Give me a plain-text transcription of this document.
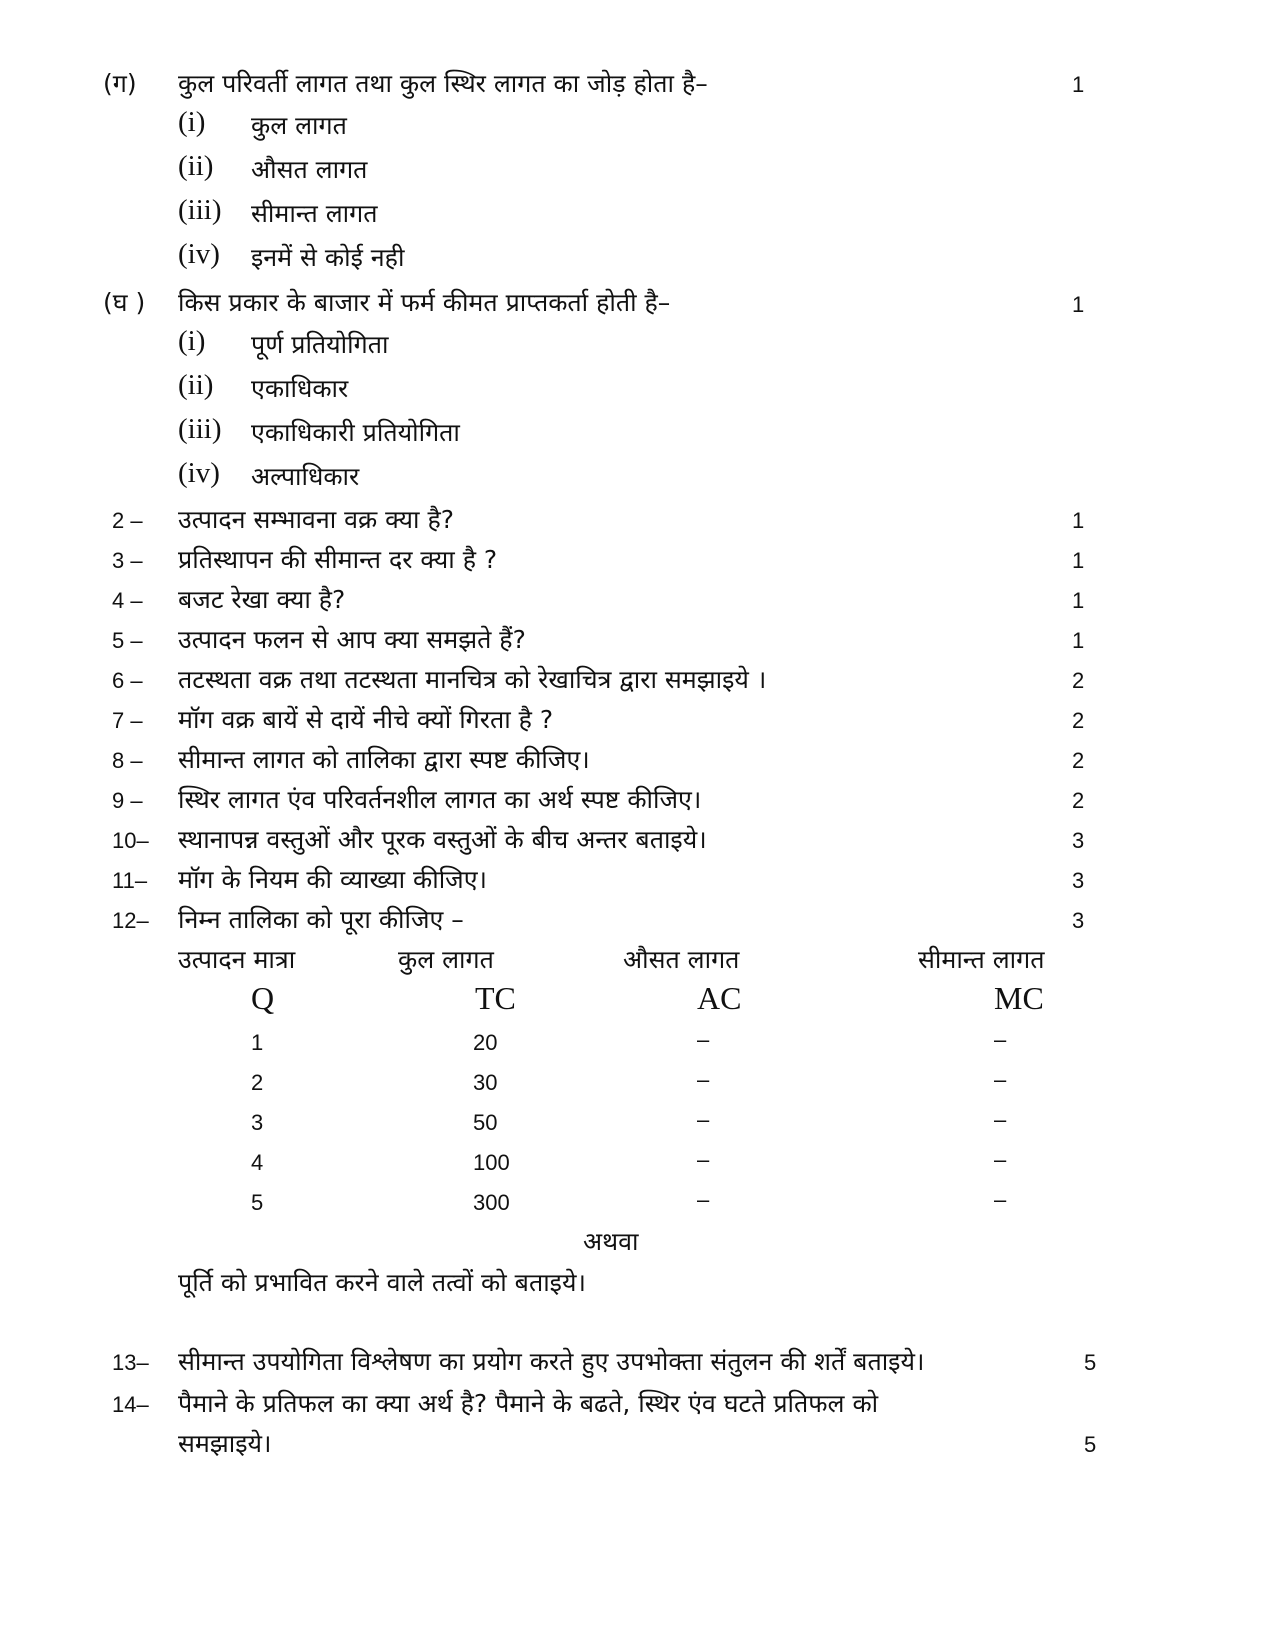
(ग) कुल परिवर्ती लागत तथा कुल स्थिर लागत का जोड़ होता है–	1
(i) कुल लागत
(ii) औसत लागत
(iii) सीमान्त लागत
(iv) इनमें से कोई नही
(घ ) किस प्रकार के बाजार में फर्म कीमत प्राप्तकर्ता होती है–	1
(i) पूर्ण प्रतियोगिता
(ii) एकाधिकार
(iii) एकाधिकारी प्रतियोगिता
(iv) अल्पाधिकार
2 – उत्पादन सम्भावना वक्र क्या है?	1
3 – प्रतिस्थापन की सीमान्त दर क्या है ?	1
4 – बजट रेखा क्या है?	1
5 – उत्पादन फलन से आप क्या समझते हैं?	1
6 – तटस्थता वक्र तथा तटस्थता मानचित्र को रेखाचित्र द्वारा समझाइये ।	2
7 – मॉग वक्र बायें से दायें नीचे क्यों गिरता है ?	2
8 – सीमान्त लागत को तालिका द्वारा स्पष्ट कीजिए।	2
9 – स्थिर लागत एंव परिवर्तनशील लागत का अर्थ स्पष्ट कीजिए।	2
10– स्थानापन्न वस्तुओं और पूरक वस्तुओं के बीच अन्तर बताइये।	3
11– मॉग के नियम की व्याख्या कीजिए।	3
12– निम्न तालिका को पूरा कीजिए –	3
उत्पादन मात्रा	कुल लागत	औसत लागत	सीमान्त लागत
Q	TC	AC	MC
1	20	–	–
2	30	–	–
3	50	–	–
4	100	–	–
5	300	–	–
अथवा
पूर्ति को प्रभावित करने वाले तत्वों को बताइये।
13– सीमान्त उपयोगिता विश्लेषण का प्रयोग करते हुए उपभोक्ता संतुलन की शर्तें बताइये।	5
14– पैमाने के प्रतिफल का क्या अर्थ है? पैमाने के बढते, स्थिर एंव घटते प्रतिफल को
समझाइये।	5
